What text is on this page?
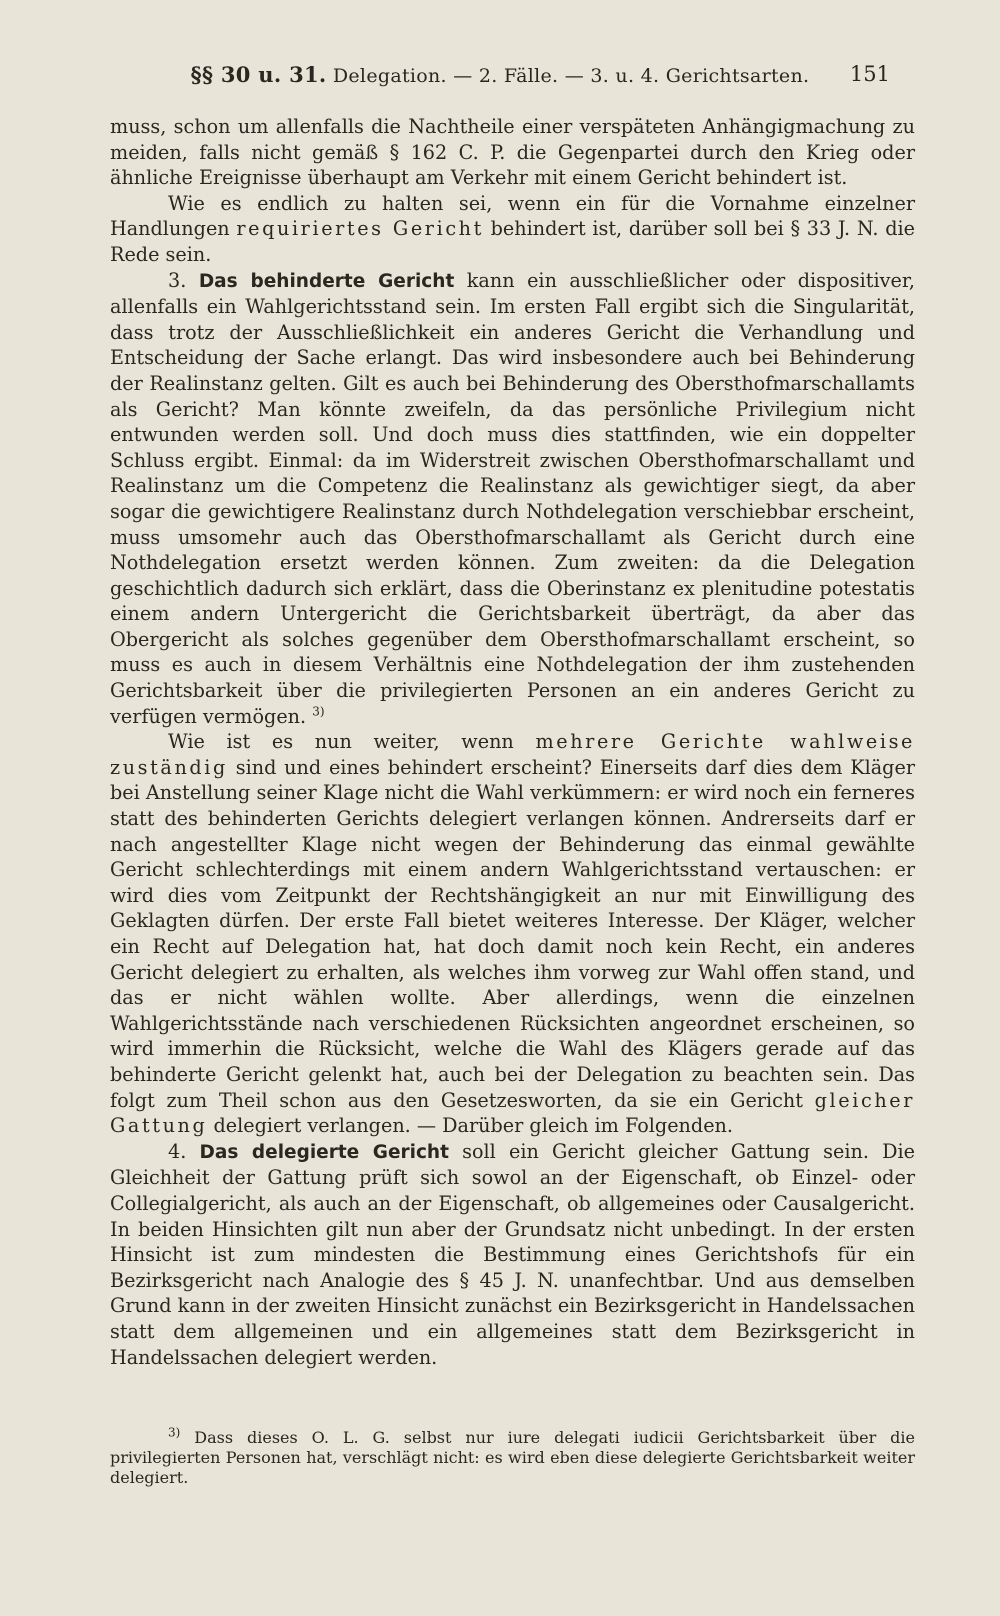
§§ 30 u. 31. Delegation. — 2. Fälle. — 3. u. 4. Gerichtsarten.	151

muss, schon um allenfalls die Nachtheile einer verspäteten Anhängigmachung zu meiden, falls nicht gemäß § 162 C. P. die Gegenpartei durch den Krieg oder ähnliche Ereignisse überhaupt am Verkehr mit einem Gericht behindert ist.

Wie es endlich zu halten sei, wenn ein für die Vornahme einzelner Handlungen requiriertes Gericht behindert ist, darüber soll bei § 33 J. N. die Rede sein.

3. Das behinderte Gericht kann ein ausschließlicher oder dispositiver, allenfalls ein Wahlgerichtsstand sein. Im ersten Fall ergibt sich die Singularität, dass trotz der Ausschließlichkeit ein anderes Gericht die Verhandlung und Entscheidung der Sache erlangt. Das wird insbesondere auch bei Behinderung der Realinstanz gelten. Gilt es auch bei Behinderung des Obersthofmarschallamts als Gericht? Man könnte zweifeln, da das persönliche Privilegium nicht entwunden werden soll. Und doch muss dies stattfinden, wie ein doppelter Schluss ergibt. Einmal: da im Widerstreit zwischen Obersthofmarschallamt und Realinstanz um die Competenz die Realinstanz als gewichtiger siegt, da aber sogar die gewichtigere Realinstanz durch Nothdelegation verschiebbar erscheint, muss umsomehr auch das Obersthofmarschallamt als Gericht durch eine Nothdelegation ersetzt werden können. Zum zweiten: da die Delegation geschichtlich dadurch sich erklärt, dass die Oberinstanz ex plenitudine potestatis einem andern Untergericht die Gerichtsbarkeit überträgt, da aber das Obergericht als solches gegenüber dem Obersthofmarschallamt erscheint, so muss es auch in diesem Verhältnis eine Nothdelegation der ihm zustehenden Gerichtsbarkeit über die privilegierten Personen an ein anderes Gericht zu verfügen vermögen. $^{3)}$

Wie ist es nun weiter, wenn mehrere Gerichte wahlweise zuständig sind und eines behindert erscheint? Einerseits darf dies dem Kläger bei Anstellung seiner Klage nicht die Wahl verkümmern: er wird noch ein ferneres statt des behinderten Gerichts delegiert verlangen können. Andrerseits darf er nach angestellter Klage nicht wegen der Behinderung das einmal gewählte Gericht schlechterdings mit einem andern Wahlgerichtsstand vertauschen: er wird dies vom Zeitpunkt der Rechtshängigkeit an nur mit Einwilligung des Geklagten dürfen. Der erste Fall bietet weiteres Interesse. Der Kläger, welcher ein Recht auf Delegation hat, hat doch damit noch kein Recht, ein anderes Gericht delegiert zu erhalten, als welches ihm vorweg zur Wahl offen stand, und das er nicht wählen wollte. Aber allerdings, wenn die einzelnen Wahlgerichtsstände nach verschiedenen Rücksichten angeordnet erscheinen, so wird immerhin die Rücksicht, welche die Wahl des Klägers gerade auf das behinderte Gericht gelenkt hat, auch bei der Delegation zu beachten sein. Das folgt zum Theil schon aus den Gesetzesworten, da sie ein Gericht gleicher Gattung delegiert verlangen. — Darüber gleich im Folgenden.

4. Das delegierte Gericht soll ein Gericht gleicher Gattung sein. Die Gleichheit der Gattung prüft sich sowol an der Eigenschaft, ob Einzel- oder Collegialgericht, als auch an der Eigenschaft, ob allgemeines oder Causalgericht. In beiden Hinsichten gilt nun aber der Grundsatz nicht unbedingt. In der ersten Hinsicht ist zum mindesten die Bestimmung eines Gerichtshofs für ein Bezirksgericht nach Analogie des § 45 J. N. unanfechtbar. Und aus demselben Grund kann in der zweiten Hinsicht zunächst ein Bezirksgericht in Handelssachen statt dem allgemeinen und ein allgemeines statt dem Bezirksgericht in Handelssachen delegiert werden.

$^{3)}$ Dass dieses O. L. G. selbst nur iure delegati iudicii Gerichtsbarkeit über die privilegierten Personen hat, verschlägt nicht: es wird eben diese delegierte Gerichtsbarkeit weiter delegiert.
